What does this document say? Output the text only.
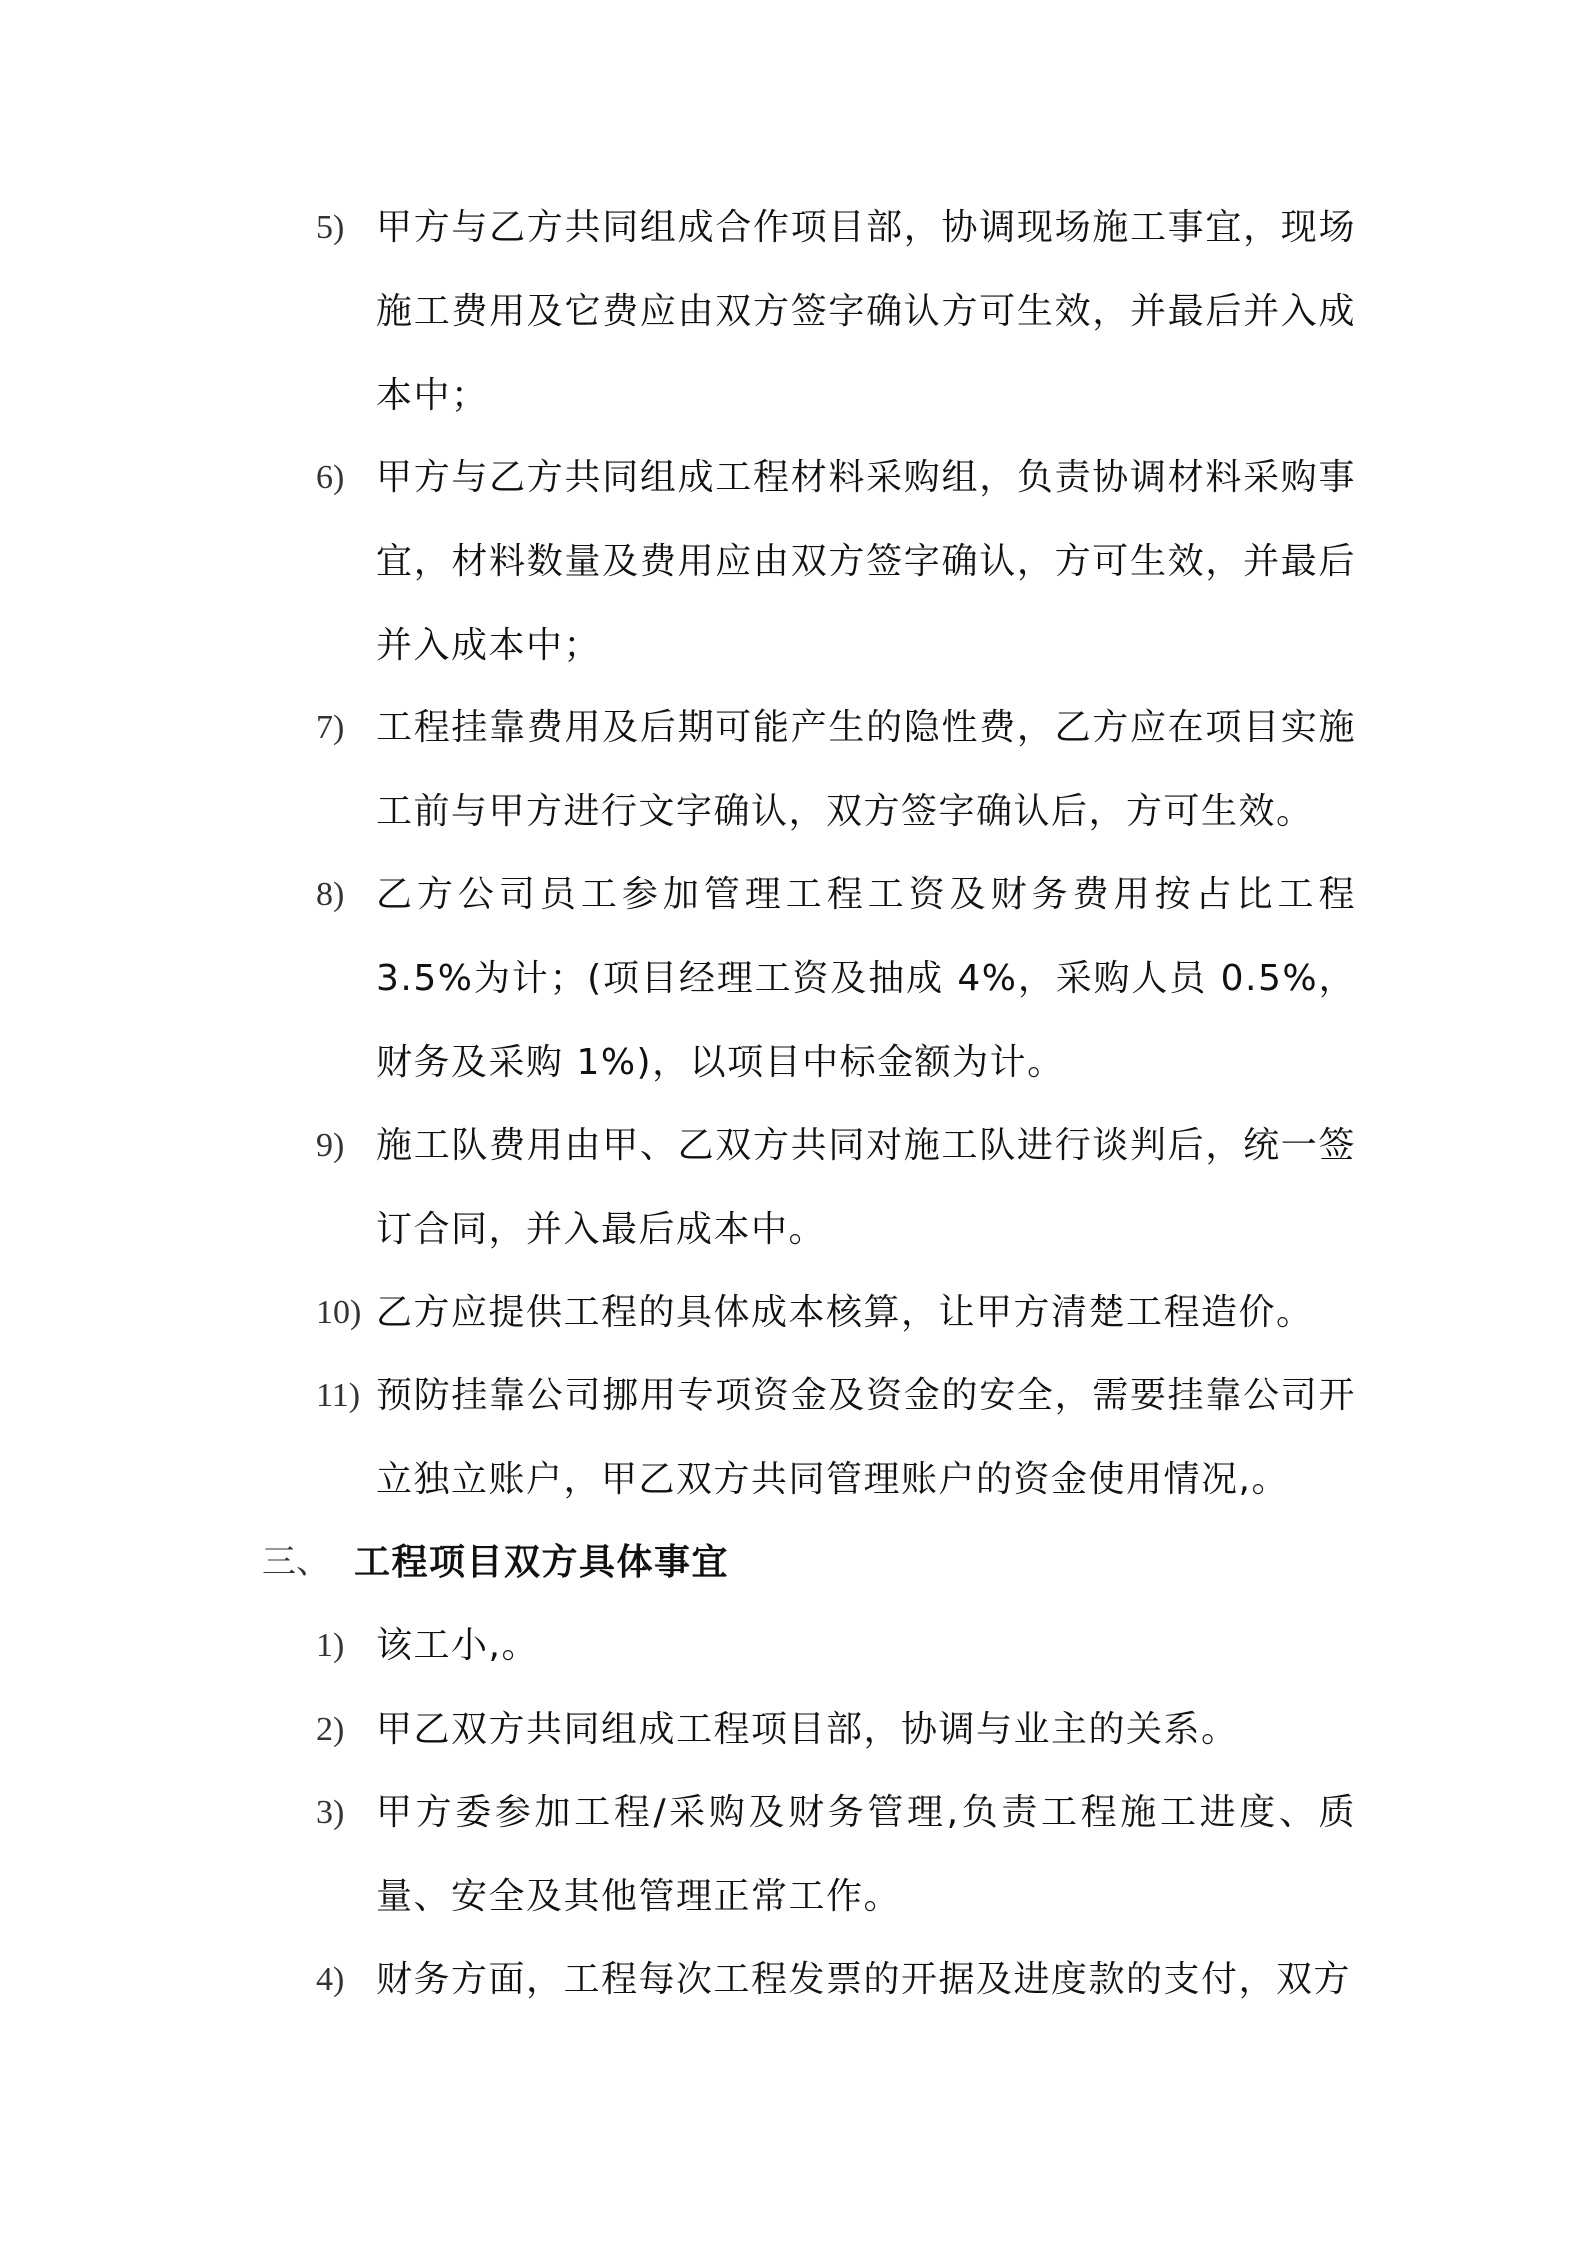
5) 甲方与乙方共同组成合作项目部，协调现场施工事宜，现场施工费用及它费应由双方签字确认方可生效，并最后并入成本中；
6) 甲方与乙方共同组成工程材料采购组，负责协调材料采购事宜，材料数量及费用应由双方签字确认，方可生效，并最后并入成本中；
7) 工程挂靠费用及后期可能产生的隐性费，乙方应在项目实施工前与甲方进行文字确认，双方签字确认后，方可生效。
8) 乙方公司员工参加管理工程工资及财务费用按占比工程3.5%为计；(项目经理工资及抽成 4%，采购人员 0.5%，财务及采购 1%)，以项目中标金额为计。
9) 施工队费用由甲、乙双方共同对施工队进行谈判后，统一签订合同，并入最后成本中。
10) 乙方应提供工程的具体成本核算，让甲方清楚工程造价。
11) 预防挂靠公司挪用专项资金及资金的安全，需要挂靠公司开立独立账户，甲乙双方共同管理账户的资金使用情况,。
三、 工程项目双方具体事宜
1) 该工小,。
2) 甲乙双方共同组成工程项目部，协调与业主的关系。
3) 甲方委参加工程/采购及财务管理,负责工程施工进度、质量、安全及其他管理正常工作。
4) 财务方面，工程每次工程发票的开据及进度款的支付，双方
